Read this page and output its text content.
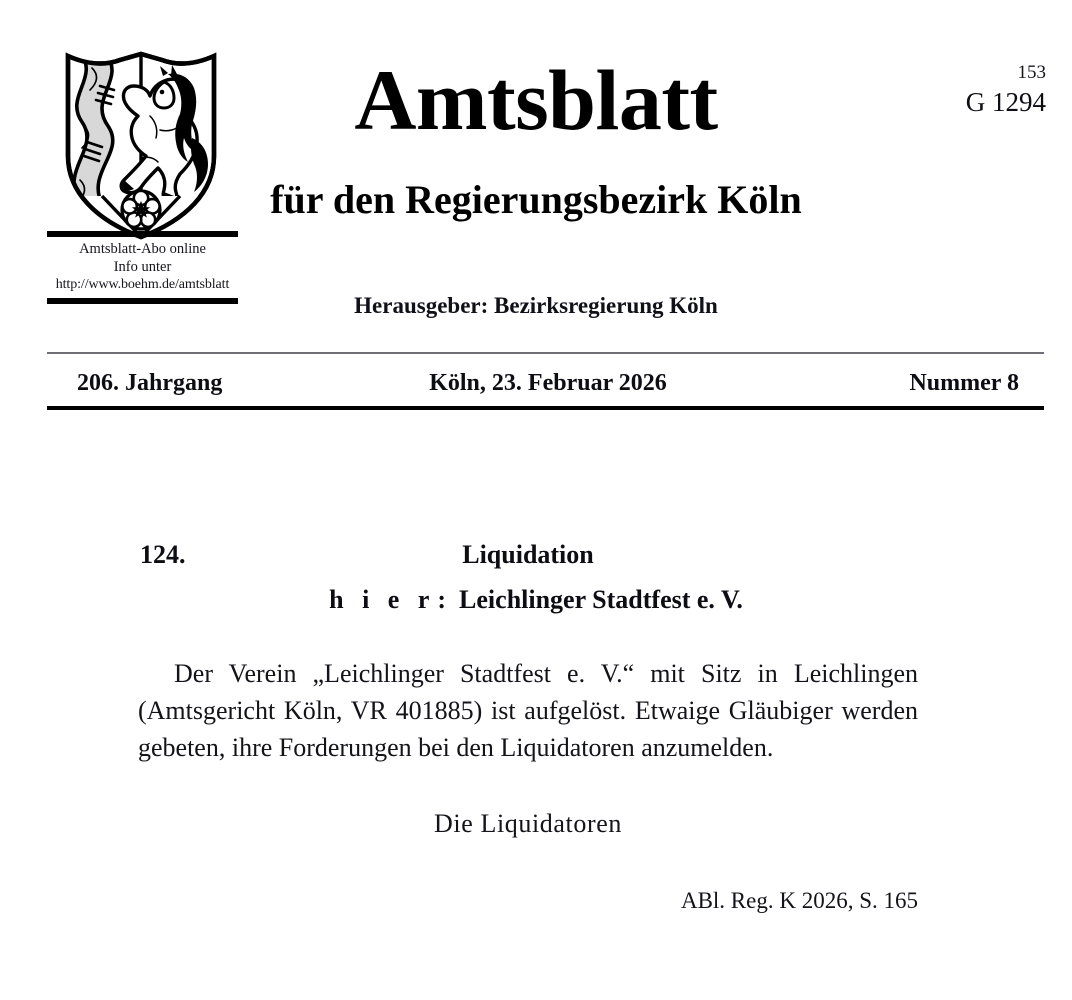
Amtsblatt-Abo online
Info unter
http://www.boehm.de/amtsblatt
Amtsblatt
für den Regierungsbezirk Köln
Herausgeber: Bezirksregierung Köln
153
G 1294
206. Jahrgang	Köln, 23. Februar 2026	Nummer 8
124.	Liquidation
h i e r: Leichlinger Stadtfest e. V.

Der Verein „Leichlinger Stadtfest e. V.“ mit Sitz in Leichlingen (Amtsgericht Köln, VR 401885) ist aufgelöst. Etwaige Gläubiger werden gebeten, ihre Forderungen bei den Liquidatoren anzumelden.

Die Liquidatoren
ABl. Reg. K 2026, S. 165
